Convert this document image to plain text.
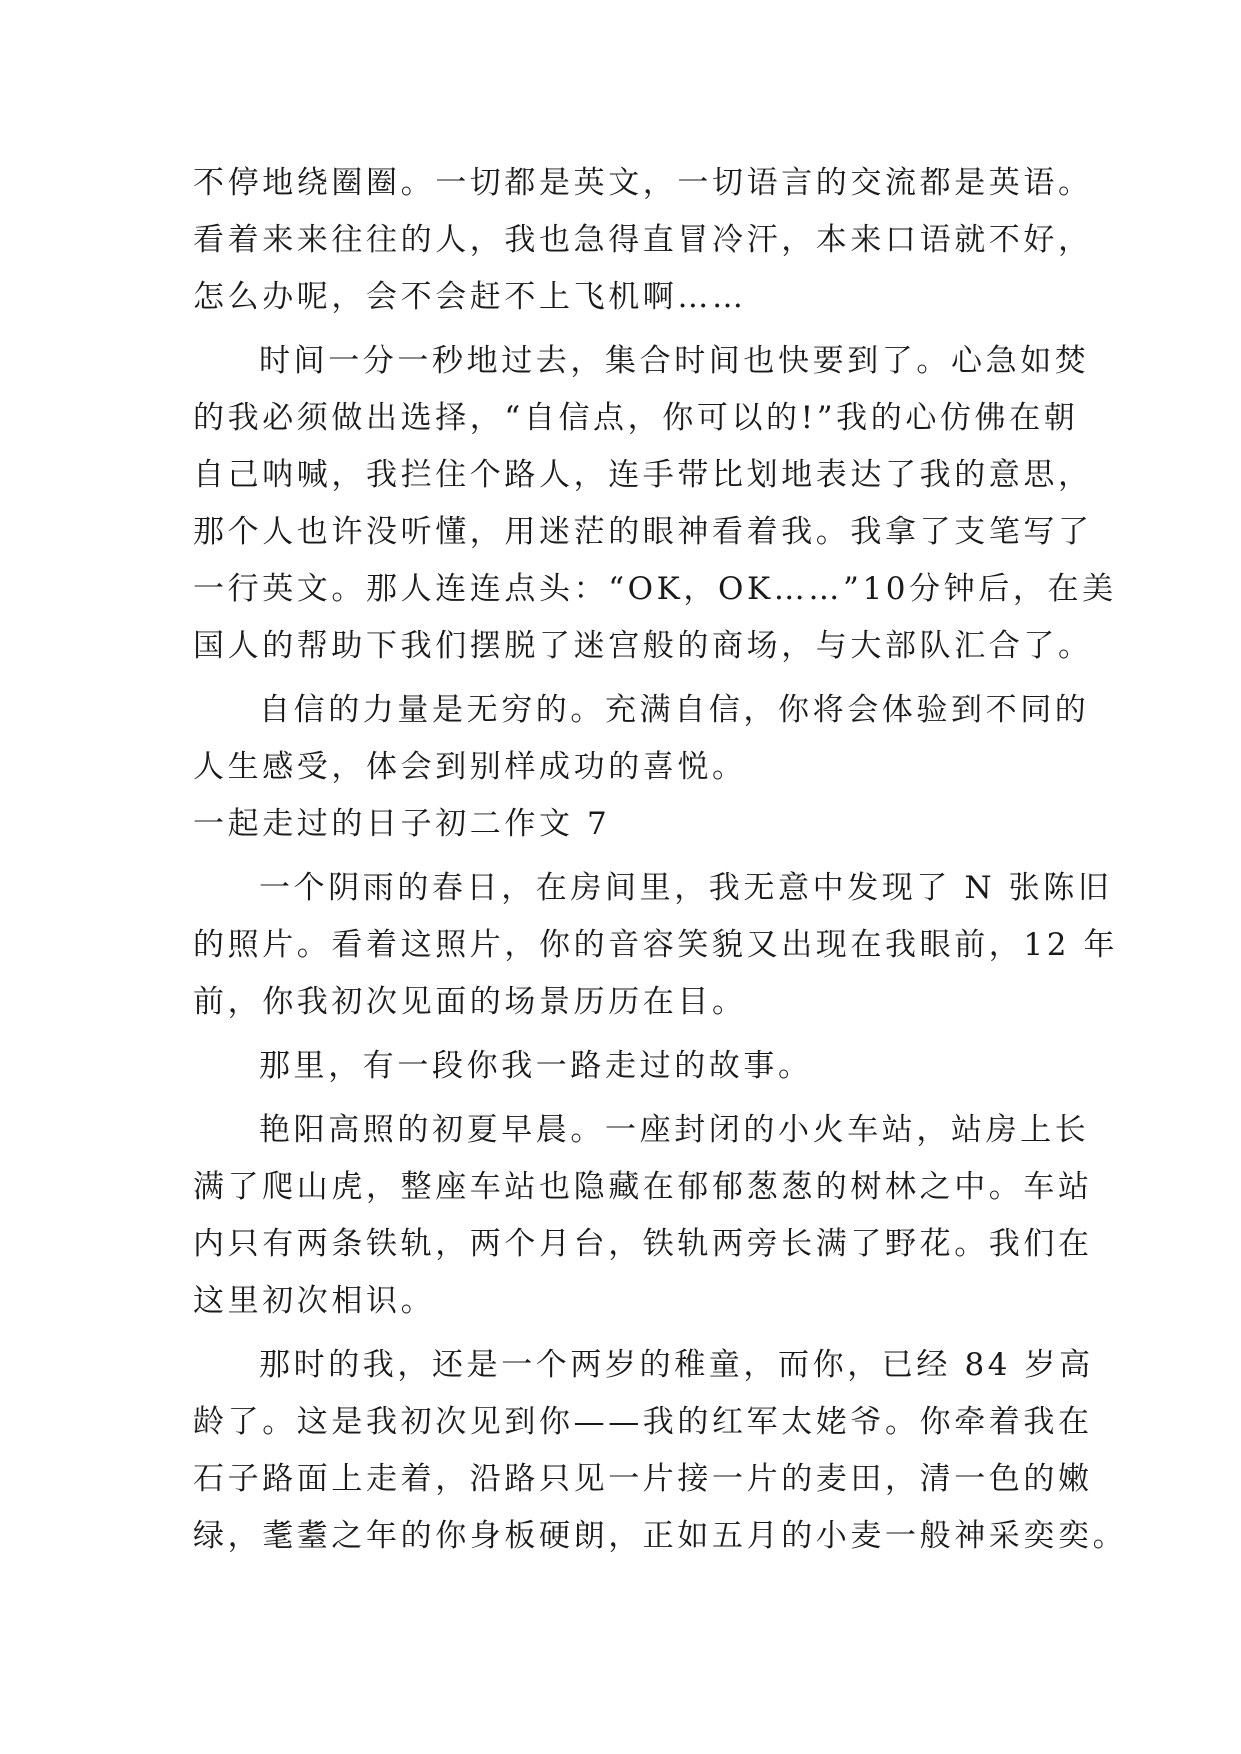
不停地绕圈圈。一切都是英文，一切语言的交流都是英语。

看着来来往往的人，我也急得直冒冷汗，本来口语就不好，

怎么办呢，会不会赶不上飞机啊……

时间一分一秒地过去，集合时间也快要到了。心急如焚

的我必须做出选择，“自信点，你可以的!”我的心仿佛在朝

自己呐喊，我拦住个路人，连手带比划地表达了我的意思，

那个人也许没听懂，用迷茫的眼神看着我。我拿了支笔写了

一行英文。那人连连点头：“OK，OK……”10分钟后，在美

国人的帮助下我们摆脱了迷宫般的商场，与大部队汇合了。

自信的力量是无穷的。充满自信，你将会体验到不同的

人生感受，体会到别样成功的喜悦。

一起走过的日子初二作文 7

一个阴雨的春日，在房间里，我无意中发现了 N 张陈旧

的照片。看着这照片，你的音容笑貌又出现在我眼前，12 年

前，你我初次见面的场景历历在目。

那里，有一段你我一路走过的故事。

艳阳高照的初夏早晨。一座封闭的小火车站，站房上长

满了爬山虎，整座车站也隐藏在郁郁葱葱的树林之中。车站

内只有两条铁轨，两个月台，铁轨两旁长满了野花。我们在

这里初次相识。

那时的我，还是一个两岁的稚童，而你，已经 84 岁高

龄了。这是我初次见到你——我的红军太姥爷。你牵着我在

石子路面上走着，沿路只见一片接一片的麦田，清一色的嫩

绿，耄耋之年的你身板硬朗，正如五月的小麦一般神采奕奕。
